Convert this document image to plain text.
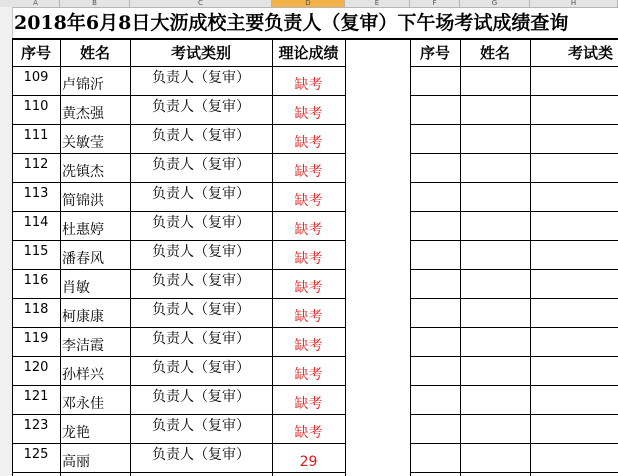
A	B	C	D	E	F	G	H
2018年6月8日大沥成校主要负责人（复审）下午场考试成绩查询
序号	姓名	考试类别	理论成绩	序号	姓名	考试类
109 卢锦沂	负责人（复审）	缺考
110 黄杰强	负责人（复审）	缺考
111 关敏莹	负责人（复审）	缺考
112 冼镇杰	负责人（复审）	缺考
113 简锦洪	负责人（复审）	缺考
114 杜惠婷	负责人（复审）	缺考
115 潘春风	负责人（复审）	缺考
116 肖敏	负责人（复审）	缺考
118 柯康康	负责人（复审）	缺考
119 李洁霞	负责人（复审）	缺考
120 孙样兴	负责人（复审）	缺考
121 邓永佳	负责人（复审）	缺考
123 龙艳	负责人（复审）	缺考
125 高丽	负责人（复审）	29
